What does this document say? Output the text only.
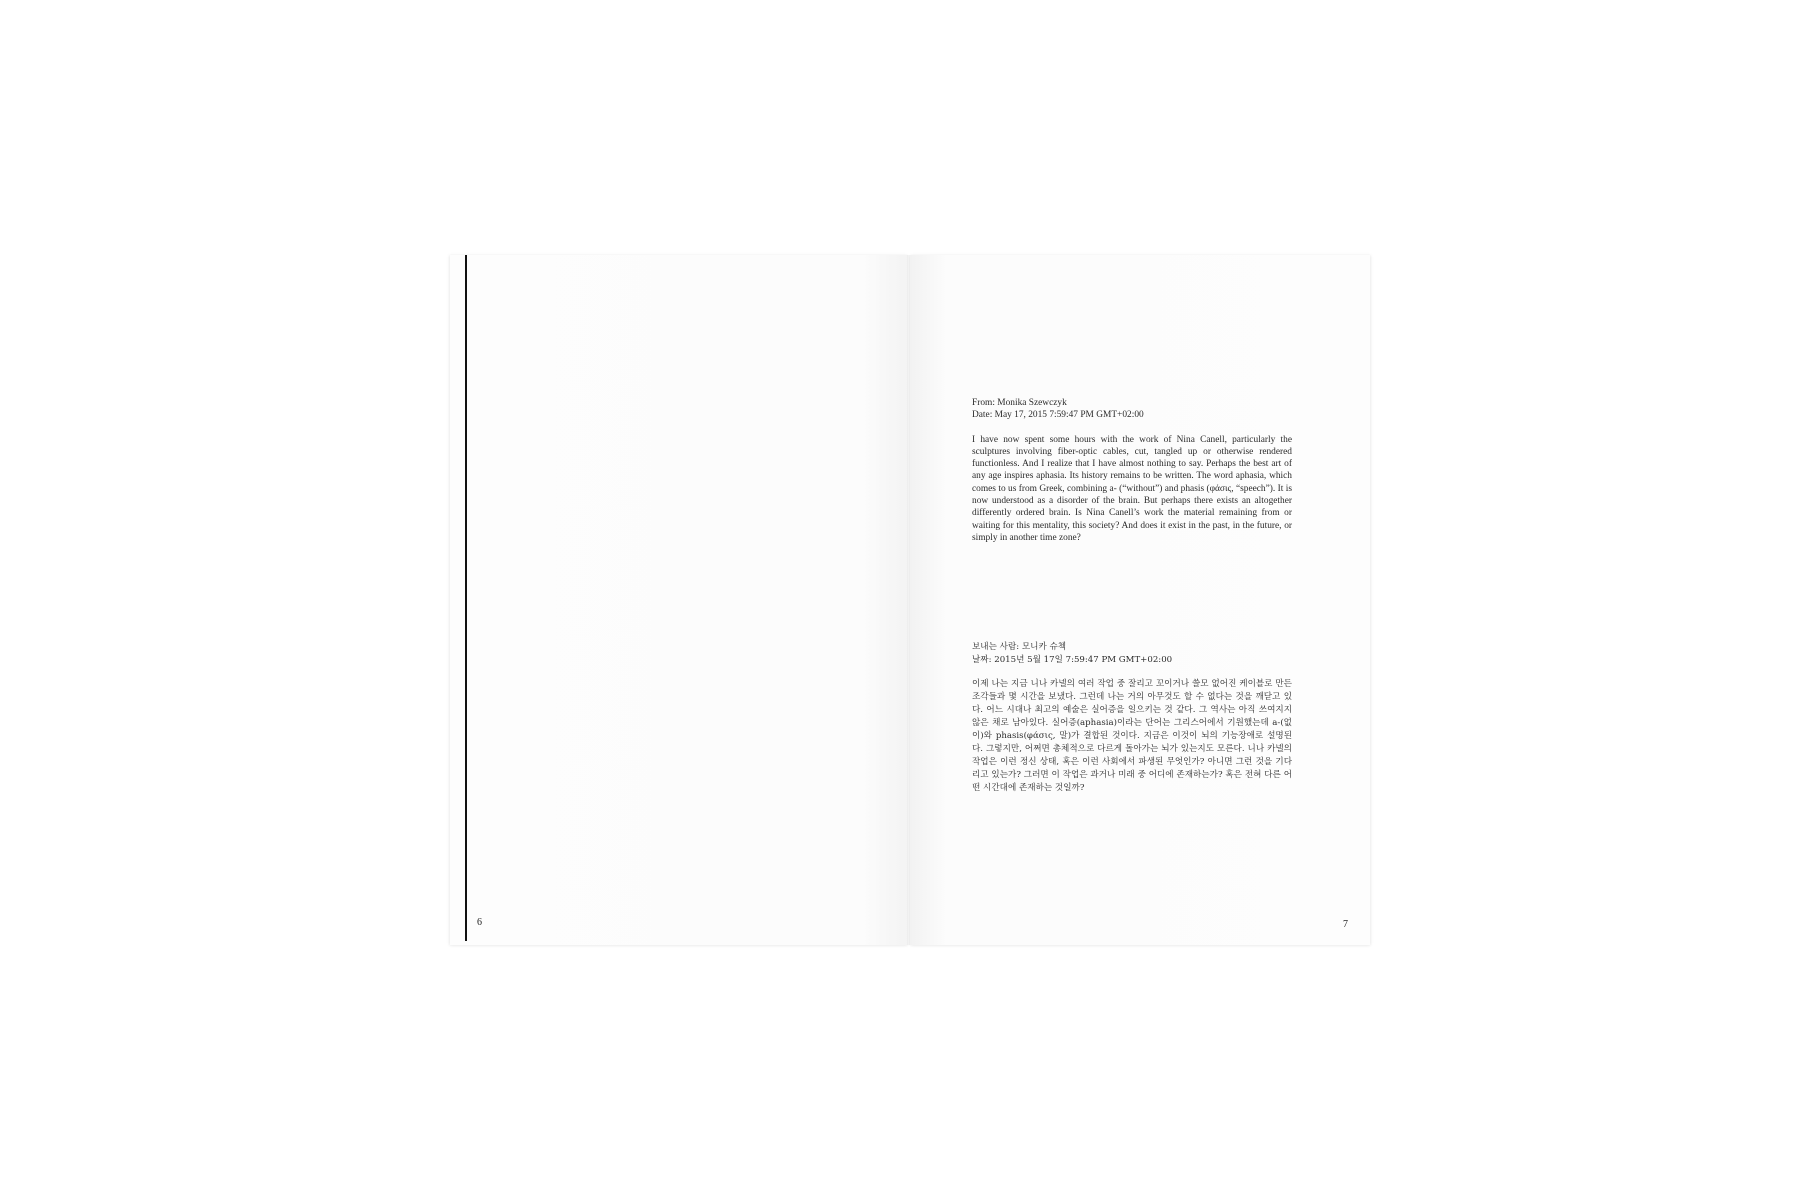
6	7
From: Monika Szewczyk
Date: May 17, 2015 7:59:47 PM GMT+02:00
I have now spent some hours with the work of Nina Canell, particularly the sculptures involving fiber-optic cables, cut, tangled up or otherwise rendered functionless. And I realize that I have almost nothing to say. Perhaps the best art of any age inspires aphasia. Its history remains to be written. The word aphasia, which comes to us from Greek, combining a- (“without”) and phasis (φάσις, “speech”). It is now understood as a disorder of the brain. But perhaps there exists an altogether differently ordered brain. Is Nina Canell’s work the material remaining from or waiting for this mentality, this society? And does it exist in the past, in the future, or simply in another time zone?
보내는 사람: 모니카 슈첵
날짜: 2015년 5월 17일 7:59:47 PM GMT+02:00
이제 나는 지금 니나 카넬의 여러 작업 중 잘리고 꼬이거나 쓸모 없어진 케이블로 만든 조각들과 몇 시간을 보냈다. 그런데 나는 거의 아무것도 할 수 없다는 것을 깨닫고 있다. 어느 시대나 최고의 예술은 실어증을 일으키는 것 같다. 그 역사는 아직 쓰여지지 않은 채로 남아있다. 실어증(aphasia)이라는 단어는 그리스어에서 기원했는데 a-(없이)와 phasis(φάσις, 말)가 결합된 것이다. 지금은 이것이 뇌의 기능장애로 설명된다. 그렇지만, 어쩌면 총체적으로 다르게 돌아가는 뇌가 있는지도 모른다. 니나 카넬의 작업은 이런 정신 상태, 혹은 이런 사회에서 파생된 무엇인가? 아니면 그런 것을 기다리고 있는가? 그러면 이 작업은 과거나 미래 중 어디에 존재하는가? 혹은 전혀 다른 어떤 시간대에 존재하는 것일까?
